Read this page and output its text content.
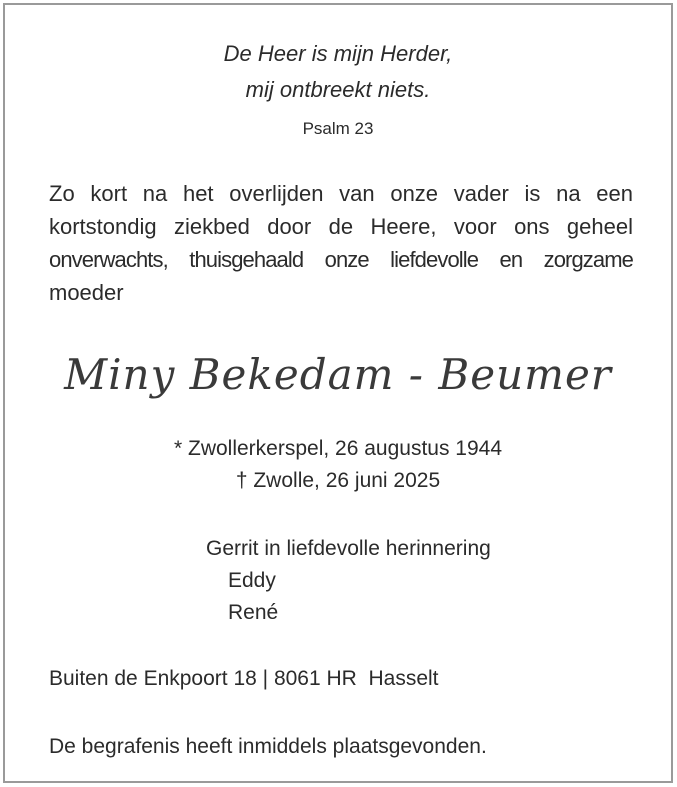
De Heer is mijn Herder,
mij ontbreekt niets.
Psalm 23
Zo kort na het overlijden van onze vader is na een
kortstondig ziekbed door de Heere, voor ons geheel
onverwachts, thuisgehaald onze liefdevolle en zorgzame
moeder
Miny Bekedam - Beumer
* Zwollerkerspel, 26 augustus 1944
† Zwolle, 26 juni 2025
Gerrit in liefdevolle herinnering
Eddy
René
Buiten de Enkpoort 18 | 8061 HR  Hasselt
De begrafenis heeft inmiddels plaatsgevonden.
